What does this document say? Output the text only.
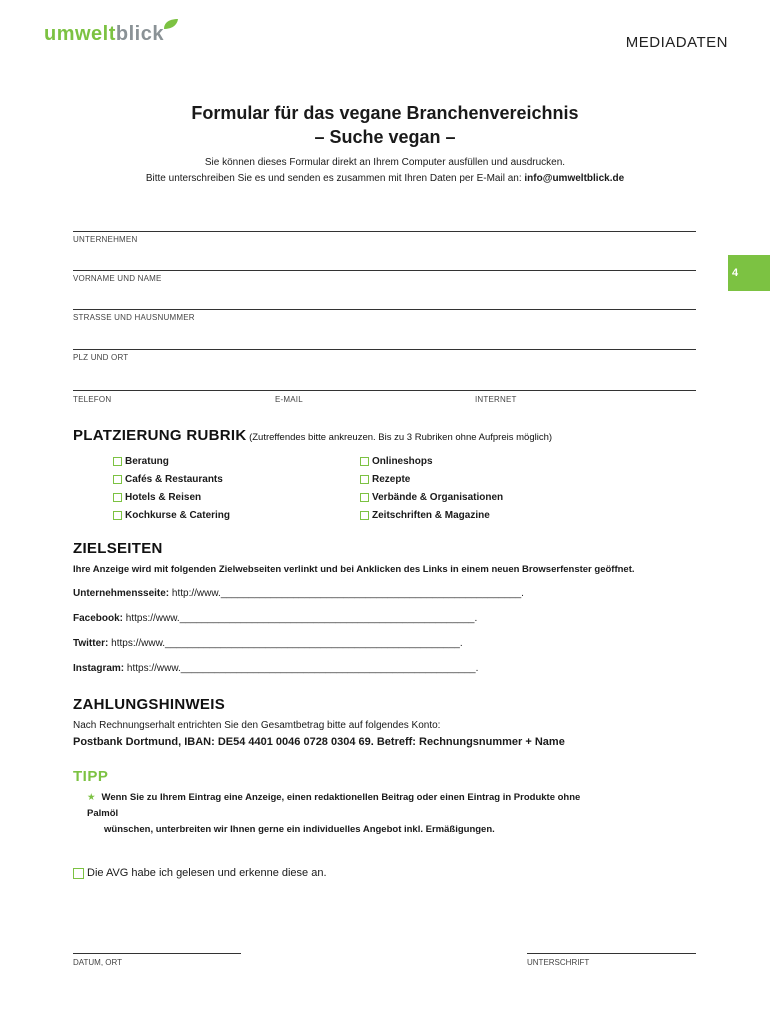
umwelt blick	MEDIADATEN
4
Formular für das vegane Branchenvereichnis
– Suche vegan –
Sie können dieses Formular direkt an Ihrem Computer ausfüllen und ausdrucken.
Bitte unterschreiben Sie es und senden es zusammen mit Ihren Daten per E-Mail an: info@umweltblick.de
UNTERNEHMEN
VORNAME UND NAME
STRASSE UND HAUSNUMMER
PLZ UND ORT
TELEFON	E-MAIL	INTERNET
PLATZIERUNG RUBRIK (Zutreffendes bitte ankreuzen. Bis zu 3 Rubriken ohne Aufpreis möglich)
Beratung
Cafés & Restaurants
Hotels & Reisen
Kochkurse & Catering
Onlineshops
Rezepte
Verbände & Organisationen
Zeitschriften & Magazine
ZIELSEITEN
Ihre Anzeige wird mit folgenden Zielwebseiten verlinkt und bei Anklicken des Links in einem neuen Browserfenster geöffnet.
Unternehmensseite: http://www.______________________________________________________.
Facebook: https://www._____________________________________________________.
Twitter: https://www._____________________________________________________.
Instagram: https://www._____________________________________________________.
ZAHLUNGSHINWEIS
Nach Rechnungserhalt entrichten Sie den Gesamtbetrag bitte auf folgendes Konto:
Postbank Dortmund, IBAN: DE54 4401 0046 0728 0304 69. Betreff: Rechnungsnummer + Name
TIPP
★ Wenn Sie zu Ihrem Eintrag eine Anzeige, einen redaktionellen Beitrag oder einen Eintrag in Produkte ohne Palmöl
wünschen, unterbreiten wir Ihnen gerne ein individuelles Angebot inkl. Ermäßigungen.
Die AVG habe ich gelesen und erkenne diese an.
DATUM, ORT	UNTERSCHRIFT
